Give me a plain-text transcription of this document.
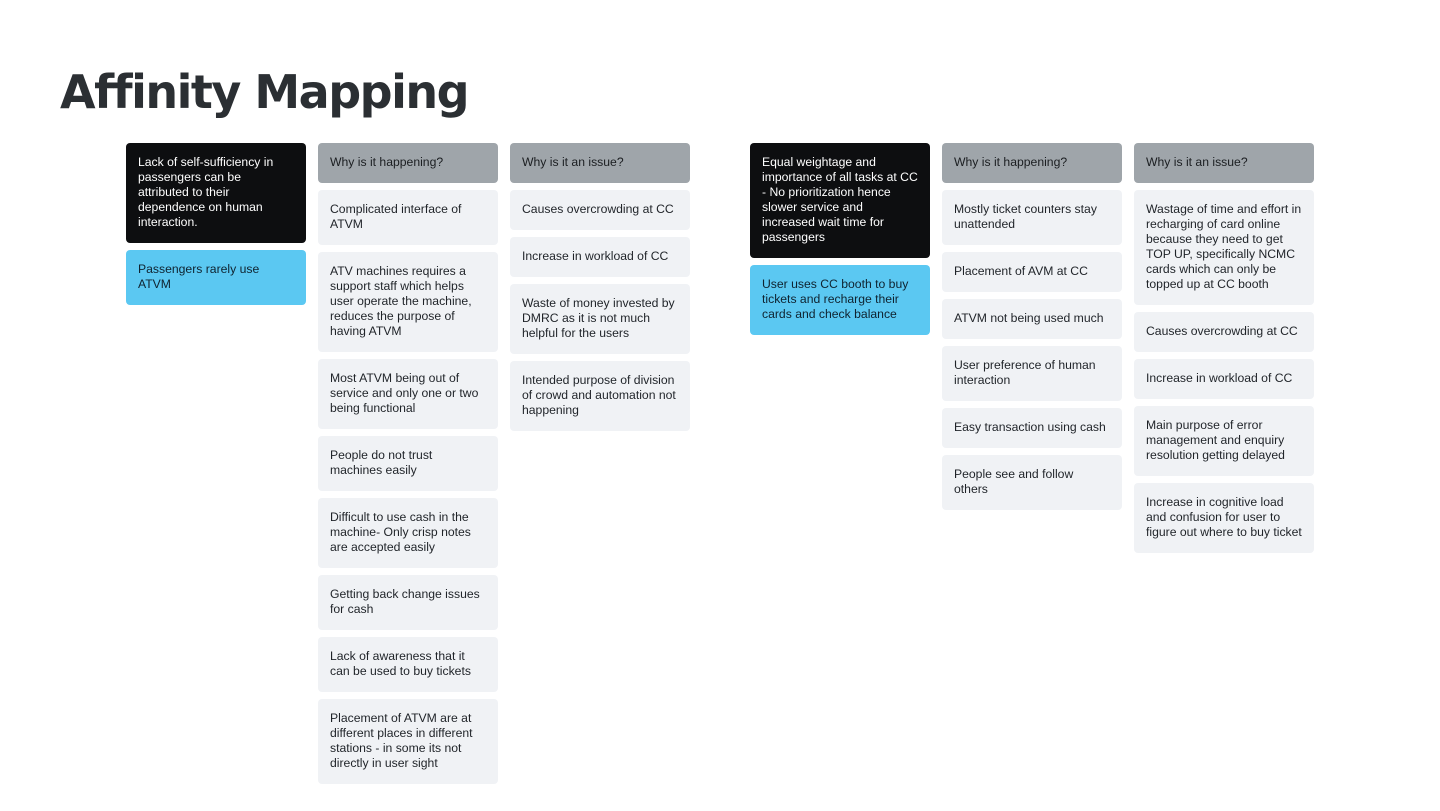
Affinity Mapping
Lack of self-sufficiency in passengers can be attributed to their dependence on human interaction.
Passengers rarely use ATVM
Why is it happening?
Complicated interface of ATVM
ATV machines requires a support staff which helps user operate the machine, reduces the purpose of having ATVM
Most ATVM being out of service and only one or two being functional
People do not trust machines easily
Difficult to use cash in the machine- Only crisp notes are accepted easily
Getting back change issues for cash
Lack of awareness that it can be used to buy tickets
Placement of ATVM are at different places in different stations - in some its not directly in user sight
Why is it an issue?
Causes overcrowding at CC
Increase in workload of CC
Waste of money invested by DMRC as it is not much helpful for the users
Intended purpose of division of crowd and automation not happening
Equal weightage and importance of all tasks at CC - No prioritization hence slower service and increased wait time for passengers
User uses CC booth to buy tickets and recharge their cards and check balance
Why is it happening?
Mostly ticket counters stay unattended
Placement of AVM at CC
ATVM not being used much
User preference of human interaction
Easy transaction using cash
People see and follow others
Why is it an issue?
Wastage of time and effort in recharging of card online because they need to get TOP UP, specifically NCMC cards which can only be topped up at CC booth
Causes overcrowding at CC
Increase in workload of CC
Main purpose of error management and enquiry resolution getting delayed
Increase in cognitive load and confusion for user to figure out where to buy ticket
